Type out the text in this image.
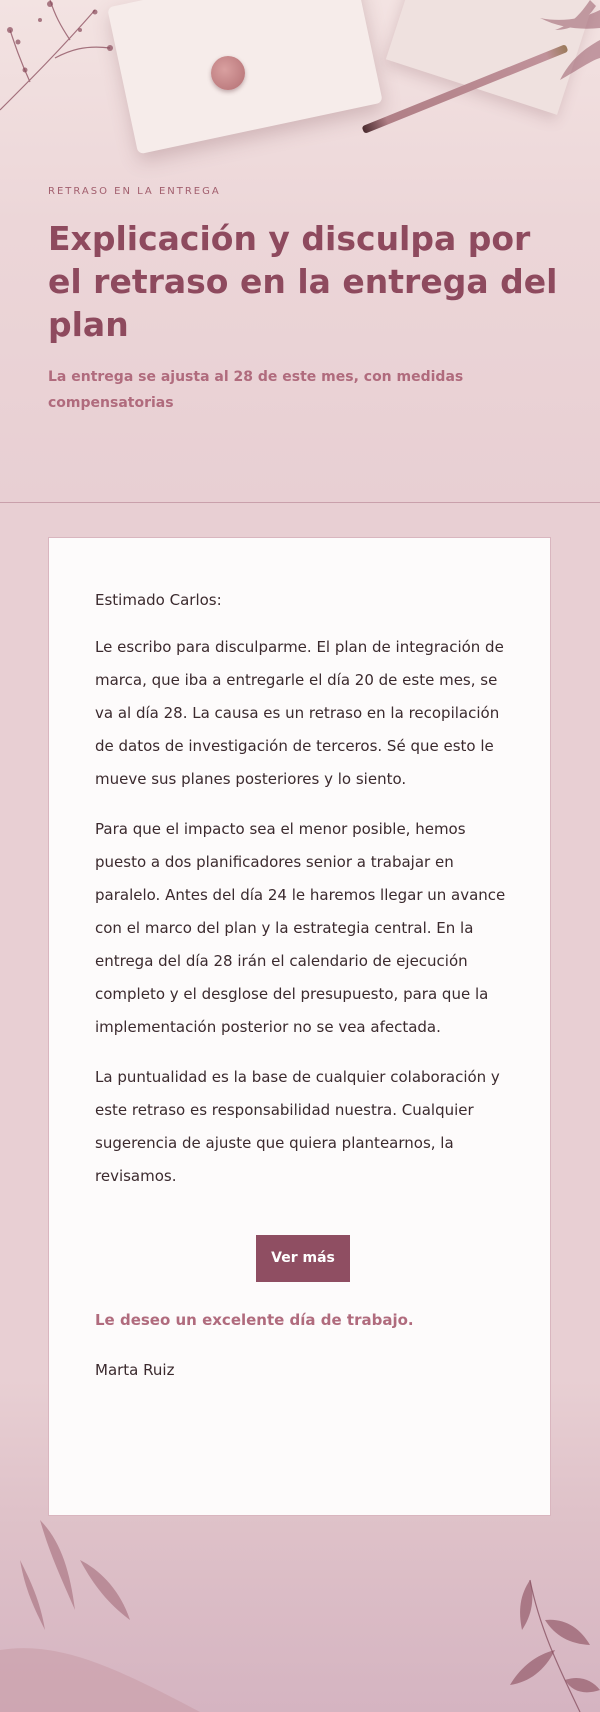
RETRASO EN LA ENTREGA

Explicación y disculpa por el retraso en la entrega del plan

La entrega se ajusta al 28 de este mes, con medidas compensatorias

Estimado Carlos:

Le escribo para disculparme. El plan de integración de marca, que iba a entregarle el día 20 de este mes, se va al día 28. La causa es un retraso en la recopilación de datos de investigación de terceros. Sé que esto le mueve sus planes posteriores y lo siento.

Para que el impacto sea el menor posible, hemos puesto a dos planificadores senior a trabajar en paralelo. Antes del día 24 le haremos llegar un avance con el marco del plan y la estrategia central. En la entrega del día 28 irán el calendario de ejecución completo y el desglose del presupuesto, para que la implementación posterior no se vea afectada.

La puntualidad es la base de cualquier colaboración y este retraso es responsabilidad nuestra. Cualquier sugerencia de ajuste que quiera plantearnos, la revisamos.

Ver más

Le deseo un excelente día de trabajo.

Marta Ruiz
